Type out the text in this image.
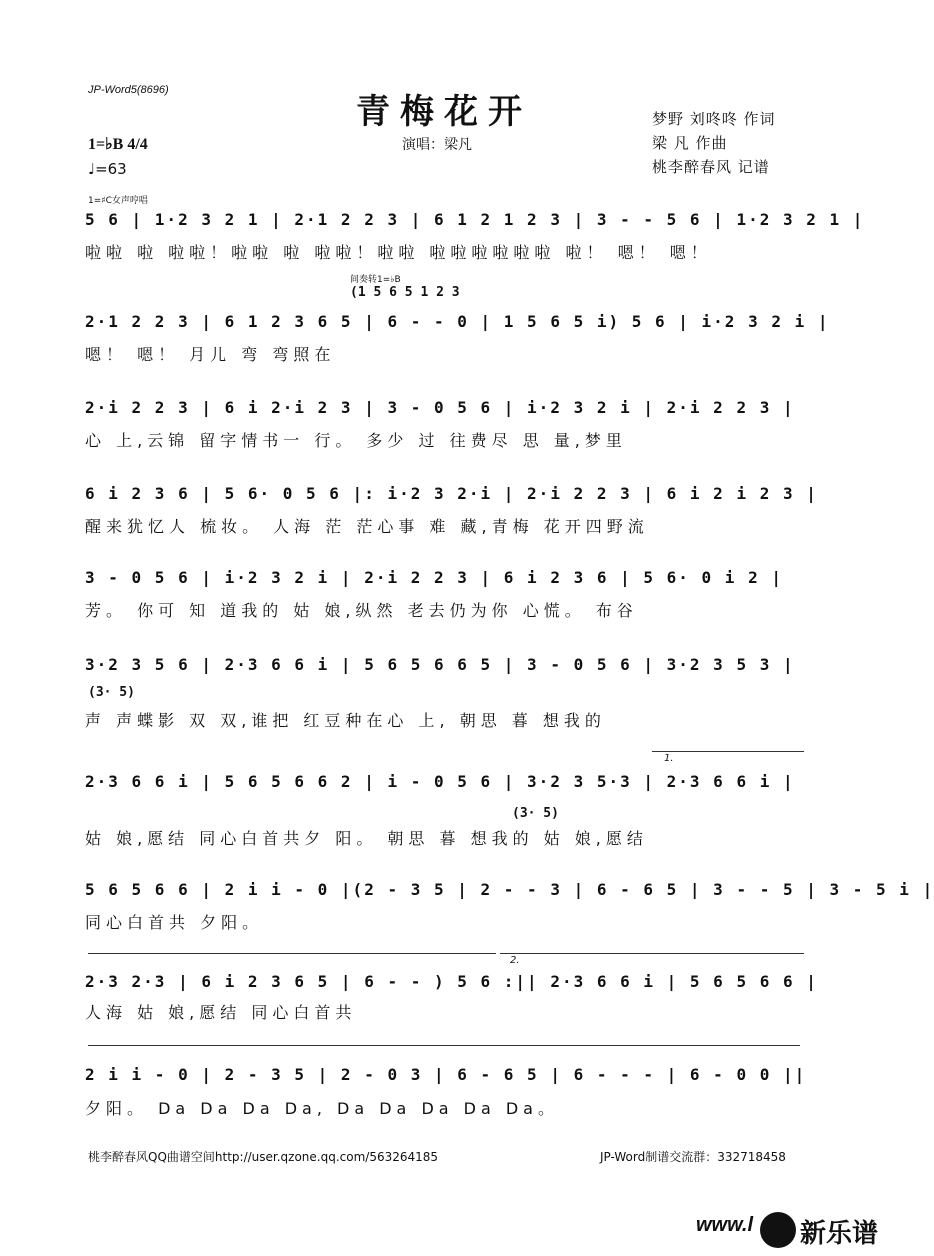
JP-Word5(8696)
青梅花开
演唱：梁凡
梦野 刘咚咚 作词
梁 凡 作曲
桃李醉春风 记谱
1=♭B 4/4
♩=63
1=♯C女声哼唱
间奏转1=♭B
(1 5 6 5 1 2 3
5 6 | 1·2 3 2 1 | 2·1 2 2 3 | 6 1 2 1 2 3 | 3 - - 5 6 | 1·2 3 2 1 |
啦啦 啦 啦啦！啦啦 啦 啦啦！啦啦 啦啦啦啦啦啦 啦！ 嗯！ 嗯！
2·1 2 2 3 | 6 1 2 3 6 5 | 6 - - 0 | 1 5 6 5 i) 5 6 | i·2 3 2 i |
嗯！ 嗯！ 月儿 弯 弯照在
2·i 2 2 3 | 6 i 2·i 2 3 | 3 - 0 5 6 | i·2 3 2 i | 2·i 2 2 3 |
心 上,云锦 留字情书一 行。 多少 过 往费尽 思 量,梦里
6 i 2 3 6 | 5 6· 0 5 6 |: i·2 3 2·i | 2·i 2 2 3 | 6 i 2 i 2 3 |
醒来犹忆人 梳妆。 人海 茫 茫心事 难 藏,青梅 花开四野流
3 - 0 5 6 | i·2 3 2 i | 2·i 2 2 3 | 6 i 2 3 6 | 5 6· 0 i 2 |
芳。 你可 知 道我的 姑 娘,纵然 老去仍为你 心慌。 布谷
3·2 3 5 6 | 2·3 6 6 i | 5 6 5 6 6 5 | 3 - 0 5 6 | 3·2 3 5 3 |
(3· 5)
声 声蝶影 双 双,谁把 红豆种在心 上, 朝思 暮 想我的
1.
2·3 6 6 i | 5 6 5 6 6 2 | i - 0 5 6 | 3·2 3 5·3 | 2·3 6 6 i |
(3· 5)
姑 娘,愿结 同心白首共夕 阳。 朝思 暮 想我的 姑 娘,愿结
5 6 5 6 6 | 2 i i - 0 |(2 - 3 5 | 2 - - 3 | 6 - 6 5 | 3 - - 5 | 3 - 5 i |
同心白首共 夕阳。
2.
2·3 2·3 | 6 i 2 3 6 5 | 6 - - ) 5 6 :|| 2·3 6 6 i | 5 6 5 6 6 |
人海 姑 娘,愿结 同心白首共
2 i i - 0 | 2 - 3 5 | 2 - 0 3 | 6 - 6 5 | 6 - - - | 6 - 0 0 ||
夕阳。 Da Da Da Da, Da Da Da Da Da。
桃李醉春风QQ曲谱空间http://user.qzone.qq.com/563264185	JP-Word制谱交流群：332718458
www.l 新乐谱
